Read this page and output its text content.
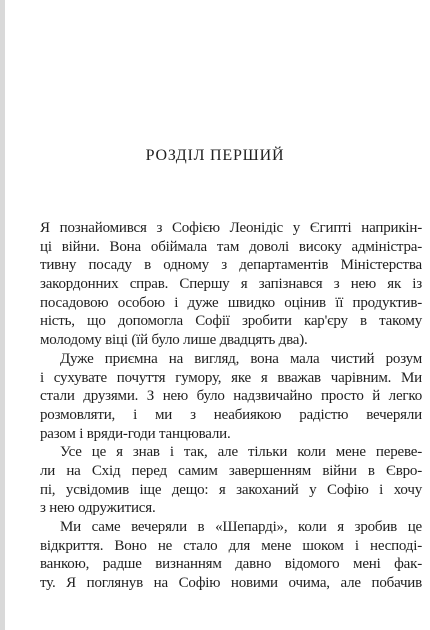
РОЗДІЛ ПЕРШИЙ
Я познайомився з Софією Леонідіс у Єгипті наприкін-
ці війни. Вона обіймала там доволі високу адміністра-
тивну посаду в одному з департаментів Міністерства
закордонних справ. Спершу я запізнався з нею як із
посадовою особою і дуже швидко оцінив її продуктив-
ність, що допомогла Софії зробити кар'єру в такому
молодому віці (їй було лише двадцять два).
Дуже приємна на вигляд, вона мала чистий розум
і сухувате почуття гумору, яке я вважав чарівним. Ми
стали друзями. З нею було надзвичайно просто й легко
розмовляти, і ми з неабиякою радістю вечеряли
разом і вряди-годи танцювали.
Усе це я знав і так, але тільки коли мене переве-
ли на Схід перед самим завершенням війни в Євро-
пі, усвідомив іще дещо: я закоханий у Софію і хочу
з нею одружитися.
Ми саме вечеряли в «Шепарді», коли я зробив це
відкриття. Воно не стало для мене шоком і несподі-
ванкою, радше визнанням давно відомого мені фак-
ту. Я поглянув на Софію новими очима, але побачив
